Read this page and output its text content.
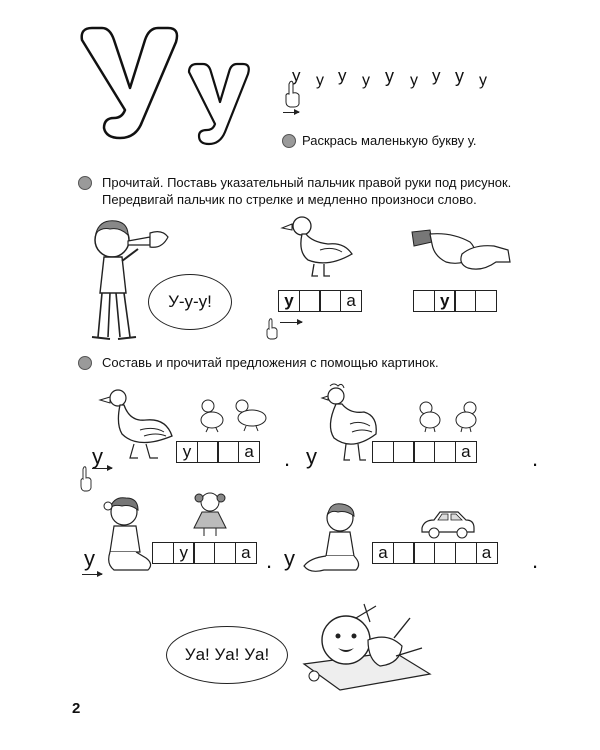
у у у у у у у у у
Раскрась маленькую букву у.
Прочитай. Поставь указательный пальчик правой руки под рисунок.
Передвигай пальчик по стрелке и медленно произноси слово.
У-у-у!	у	а	у
Составь и прочитай предложения с помощью картинок.
у	у	а . у	а	.
у	у	а . у	а	а .
Уа! Уа! Уа!
2
